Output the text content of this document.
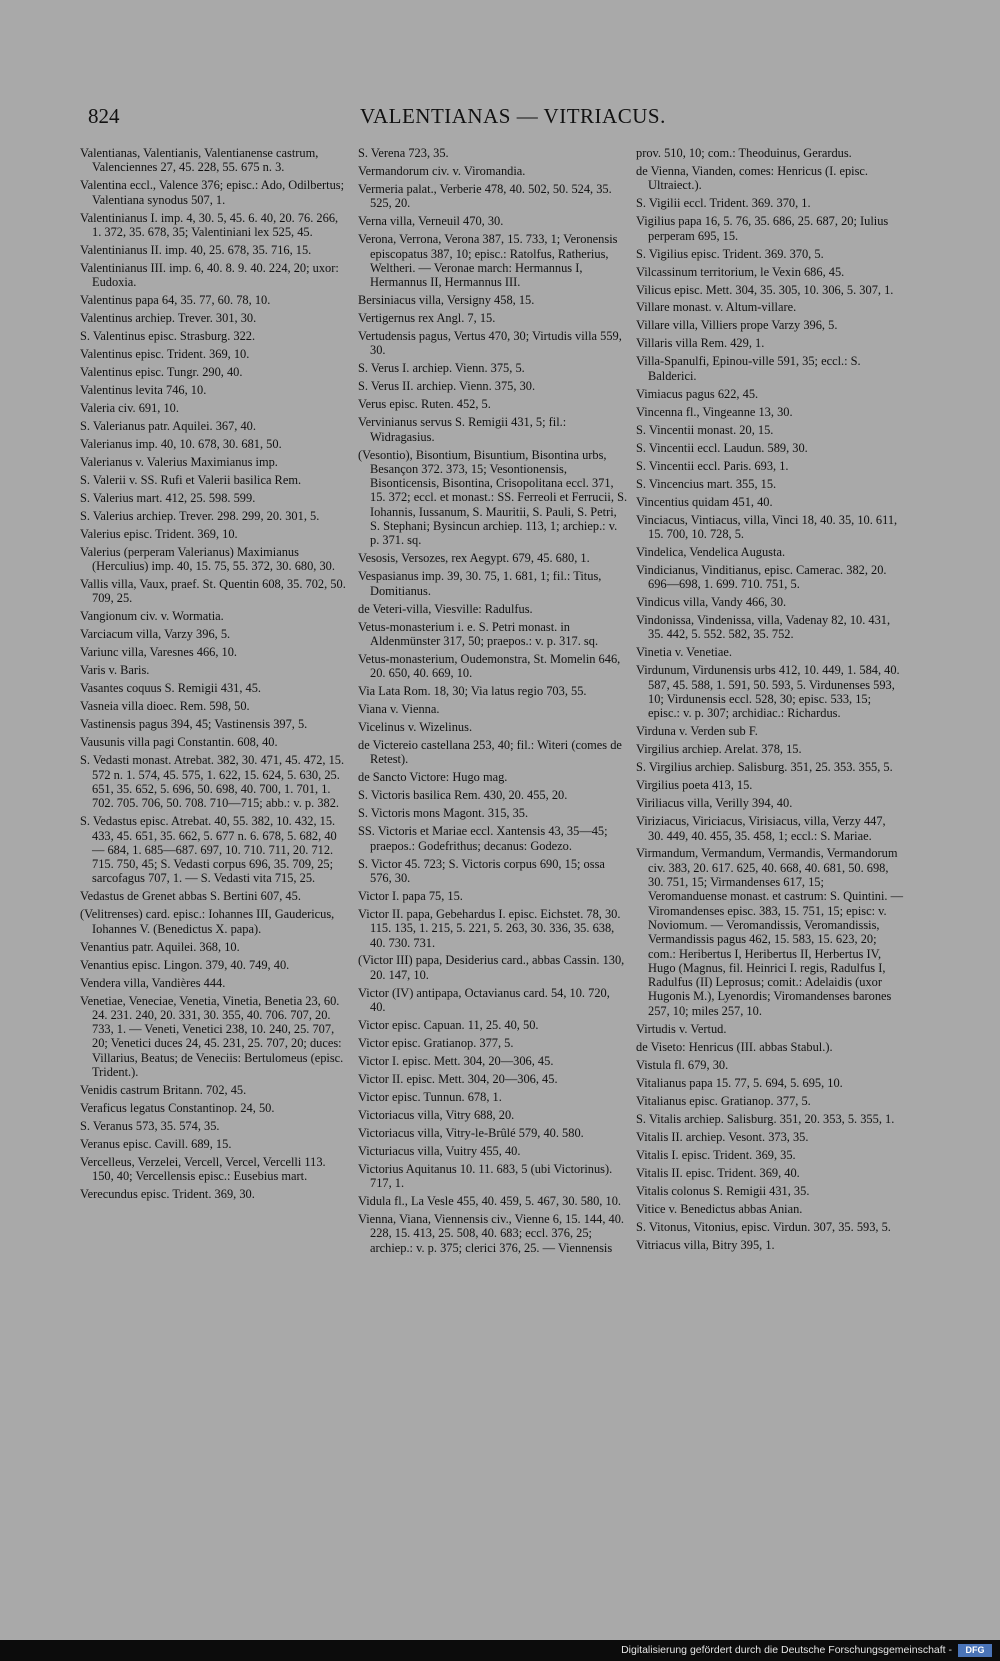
824	VALENTIANAS — VITRIACUS.
Valentianas, Valentianis, Valentianense castrum, Valenciennes 27, 45. 228, 55. 675 n. 3.
Valentina eccl., Valence 376; episc.: Ado, Odilbertus; Valentiana synodus 507, 1.
Valentinianus I. imp. 4, 30. 5, 45. 6. 40, 20. 76. 266, 1. 372, 35. 678, 35; Valentiniani lex 525, 45.
Valentinianus II. imp. 40, 25. 678, 35. 716, 15.
Valentinianus III. imp. 6, 40. 8. 9. 40. 224, 20; uxor: Eudoxia.
Valentinus papa 64, 35. 77, 60. 78, 10.
Valentinus archiep. Trever. 301, 30.
S. Valentinus episc. Strasburg. 322.
Valentinus episc. Trident. 369, 10.
Valentinus episc. Tungr. 290, 40.
Valentinus levita 746, 10.
Valeria civ. 691, 10.
S. Valerianus patr. Aquilei. 367, 40.
Valerianus imp. 40, 10. 678, 30. 681, 50.
Valerianus v. Valerius Maximianus imp.
S. Valerii v. SS. Rufi et Valerii basilica Rem.
S. Valerius mart. 412, 25. 598. 599.
S. Valerius archiep. Trever. 298. 299, 20. 301, 5.
Valerius episc. Trident. 369, 10.
Valerius (perperam Valerianus) Maximianus (Herculius) imp. 40, 15. 75, 55. 372, 30. 680, 30.
Vallis villa, Vaux, praef. St. Quentin 608, 35. 702, 50. 709, 25.
Vangionum civ. v. Wormatia.
Varciacum villa, Varzy 396, 5.
Variunc villa, Varesnes 466, 10.
Varis v. Baris.
Vasantes coquus S. Remigii 431, 45.
Vasneia villa dioec. Rem. 598, 50.
Vastinensis pagus 394, 45; Vastinensis 397, 5.
Vausunis villa pagi Constantin. 608, 40.
S. Vedasti monast. Atrebat. 382, 30. 471, 45. 472, 15. 572 n. 1. 574, 45. 575, 1. 622, 15. 624, 5. 630, 25. 651, 35. 652, 5. 696, 50. 698, 40. 700, 1. 701, 1. 702. 705. 706, 50. 708. 710—715; abb.: v. p. 382.
S. Vedastus episc. Atrebat. 40, 55. 382, 10. 432, 15. 433, 45. 651, 35. 662, 5. 677 n. 6. 678, 5. 682, 40 — 684, 1. 685—687. 697, 10. 710. 711, 20. 712. 715. 750, 45; S. Vedasti corpus 696, 35. 709, 25; sarcofagus 707, 1. — S. Vedasti vita 715, 25.
Vedastus de Grenet abbas S. Bertini 607, 45.
(Velitrenses) card. episc.: Iohannes III, Gaudericus, Iohannes V. (Benedictus X. papa).
Venantius patr. Aquilei. 368, 10.
Venantius episc. Lingon. 379, 40. 749, 40.
Vendera villa, Vandières 444.
Venetiae, Veneciae, Venetia, Vinetia, Benetia 23, 60. 24. 231. 240, 20. 331, 30. 355, 40. 706. 707, 20. 733, 1. — Veneti, Venetici 238, 10. 240, 25. 707, 20; Venetici duces 24, 45. 231, 25. 707, 20; duces: Villarius, Beatus; de Veneciis: Bertulomeus (episc. Trident.).
Venidis castrum Britann. 702, 45.
Veraficus legatus Constantinop. 24, 50.
S. Veranus 573, 35. 574, 35.
Veranus episc. Cavill. 689, 15.
Vercelleus, Verzelei, Vercell, Vercel, Vercelli 113. 150, 40; Vercellensis episc.: Eusebius mart.
Verecundus episc. Trident. 369, 30.
S. Verena 723, 35.
Vermandorum civ. v. Viromandia.
Vermeria palat., Verberie 478, 40. 502, 50. 524, 35. 525, 20.
Verna villa, Verneuil 470, 30.
Verona, Verrona, Verona 387, 15. 733, 1; Veronensis episcopatus 387, 10; episc.: Ratolfus, Ratherius, Weltheri. — Veronae march: Hermannus I, Hermannus II, Hermannus III.
Bersiniacus villa, Versigny 458, 15.
Vertigernus rex Angl. 7, 15.
Vertudensis pagus, Vertus 470, 30; Virtudis villa 559, 30.
S. Verus I. archiep. Vienn. 375, 5.
S. Verus II. archiep. Vienn. 375, 30.
Verus episc. Ruten. 452, 5.
Vervinianus servus S. Remigii 431, 5; fil.: Widragasius.
(Vesontio), Bisontium, Bisuntium, Bisontina urbs, Besançon 372. 373, 15; Vesontionensis, Bisonticensis, Bisontina, Crisopolitana eccl. 371, 15. 372; eccl. et monast.: SS. Ferreoli et Ferrucii, S. Iohannis, Iussanum, S. Mauritii, S. Pauli, S. Petri, S. Stephani; Bysincun archiep. 113, 1; archiep.: v. p. 371. sq.
Vesosis, Versozes, rex Aegypt. 679, 45. 680, 1.
Vespasianus imp. 39, 30. 75, 1. 681, 1; fil.: Titus, Domitianus.
de Veteri-villa, Viesville: Radulfus.
Vetus-monasterium i. e. S. Petri monast. in Aldenmünster 317, 50; praepos.: v. p. 317. sq.
Vetus-monasterium, Oudemonstra, St. Momelin 646, 20. 650, 40. 669, 10.
Via Lata Rom. 18, 30; Via latus regio 703, 55.
Viana v. Vienna.
Vicelinus v. Wizelinus.
de Victereio castellana 253, 40; fil.: Witeri (comes de Retest).
de Sancto Victore: Hugo mag.
S. Victoris basilica Rem. 430, 20. 455, 20.
S. Victoris mons Magont. 315, 35.
SS. Victoris et Mariae eccl. Xantensis 43, 35—45; praepos.: Godefrithus; decanus: Godezo.
S. Victor 45. 723; S. Victoris corpus 690, 15; ossa 576, 30.
Victor I. papa 75, 15.
Victor II. papa, Gebehardus I. episc. Eichstet. 78, 30. 115. 135, 1. 215, 5. 221, 5. 263, 30. 336, 35. 638, 40. 730. 731.
(Victor III) papa, Desiderius card., abbas Cassin. 130, 20. 147, 10.
Victor (IV) antipapa, Octavianus card. 54, 10. 720, 40.
Victor episc. Capuan. 11, 25. 40, 50.
Victor episc. Gratianop. 377, 5.
Victor I. episc. Mett. 304, 20—306, 45.
Victor II. episc. Mett. 304, 20—306, 45.
Victor episc. Tunnun. 678, 1.
Victoriacus villa, Vitry 688, 20.
Victoriacus villa, Vitry-le-Brûlé 579, 40. 580.
Victuriacus villa, Vuitry 455, 40.
Victorius Aquitanus 10. 11. 683, 5 (ubi Victorinus). 717, 1.
Vidula fl., La Vesle 455, 40. 459, 5. 467, 30. 580, 10.
Vienna, Viana, Viennensis civ., Vienne 6, 15. 144, 40. 228, 15. 413, 25. 508, 40. 683; eccl. 376, 25; archiep.: v. p. 375; clerici 376, 25. — Viennensis
prov. 510, 10; com.: Theoduinus, Gerardus.
de Vienna, Vianden, comes: Henricus (I. episc. Ultraiect.).
S. Vigilii eccl. Trident. 369. 370, 1.
Vigilius papa 16, 5. 76, 35. 686, 25. 687, 20; Iulius perperam 695, 15.
S. Vigilius episc. Trident. 369. 370, 5.
Vilcassinum territorium, le Vexin 686, 45.
Vilicus episc. Mett. 304, 35. 305, 10. 306, 5. 307, 1.
Villare monast. v. Altum-villare.
Villare villa, Villiers prope Varzy 396, 5.
Villaris villa Rem. 429, 1.
Villa-Spanulfi, Epinou-ville 591, 35; eccl.: S. Balderici.
Vimiacus pagus 622, 45.
Vincenna fl., Vingeanne 13, 30.
S. Vincentii monast. 20, 15.
S. Vincentii eccl. Laudun. 589, 30.
S. Vincentii eccl. Paris. 693, 1.
S. Vincencius mart. 355, 15.
Vincentius quidam 451, 40.
Vinciacus, Vintiacus, villa, Vinci 18, 40. 35, 10. 611, 15. 700, 10. 728, 5.
Vindelica, Vendelica Augusta.
Vindicianus, Vinditianus, episc. Camerac. 382, 20. 696—698, 1. 699. 710. 751, 5.
Vindicus villa, Vandy 466, 30.
Vindonissa, Vindenissa, villa, Vadenay 82, 10. 431, 35. 442, 5. 552. 582, 35. 752.
Vinetia v. Venetiae.
Virdunum, Virdunensis urbs 412, 10. 449, 1. 584, 40. 587, 45. 588, 1. 591, 50. 593, 5. Virdunenses 593, 10; Virdunensis eccl. 528, 30; episc. 533, 15; episc.: v. p. 307; archidiac.: Richardus.
Virduna v. Verden sub F.
Virgilius archiep. Arelat. 378, 15.
S. Virgilius archiep. Salisburg. 351, 25. 353. 355, 5.
Virgilius poeta 413, 15.
Viriliacus villa, Verilly 394, 40.
Viriziacus, Viriciacus, Virisiacus, villa, Verzy 447, 30. 449, 40. 455, 35. 458, 1; eccl.: S. Mariae.
Virmandum, Vermandum, Vermandis, Vermandorum civ. 383, 20. 617. 625, 40. 668, 40. 681, 50. 698, 30. 751, 15; Virmandenses 617, 15; Veromanduense monast. et castrum: S. Quintini. — Viromandenses episc. 383, 15. 751, 15; episc: v. Noviomum. — Veromandissis, Veromandissis, Vermandissis pagus 462, 15. 583, 15. 623, 20; com.: Heribertus I, Heribertus II, Herbertus IV, Hugo (Magnus, fil. Heinrici I. regis, Radulfus I, Radulfus (II) Leprosus; comit.: Adelaidis (uxor Hugonis M.), Lyenordis; Viromandenses barones 257, 10; miles 257, 10.
Virtudis v. Vertud.
de Viseto: Henricus (III. abbas Stabul.).
Vistula fl. 679, 30.
Vitalianus papa 15. 77, 5. 694, 5. 695, 10.
Vitalianus episc. Gratianop. 377, 5.
S. Vitalis archiep. Salisburg. 351, 20. 353, 5. 355, 1.
Vitalis II. archiep. Vesont. 373, 35.
Vitalis I. episc. Trident. 369, 35.
Vitalis II. episc. Trident. 369, 40.
Vitalis colonus S. Remigii 431, 35.
Vitice v. Benedictus abbas Anian.
S. Vitonus, Vitonius, episc. Virdun. 307, 35. 593, 5.
Vitriacus villa, Bitry 395, 1.
Digitalisierung gefördert durch die Deutsche Forschungsgemeinschaft -	DFG
